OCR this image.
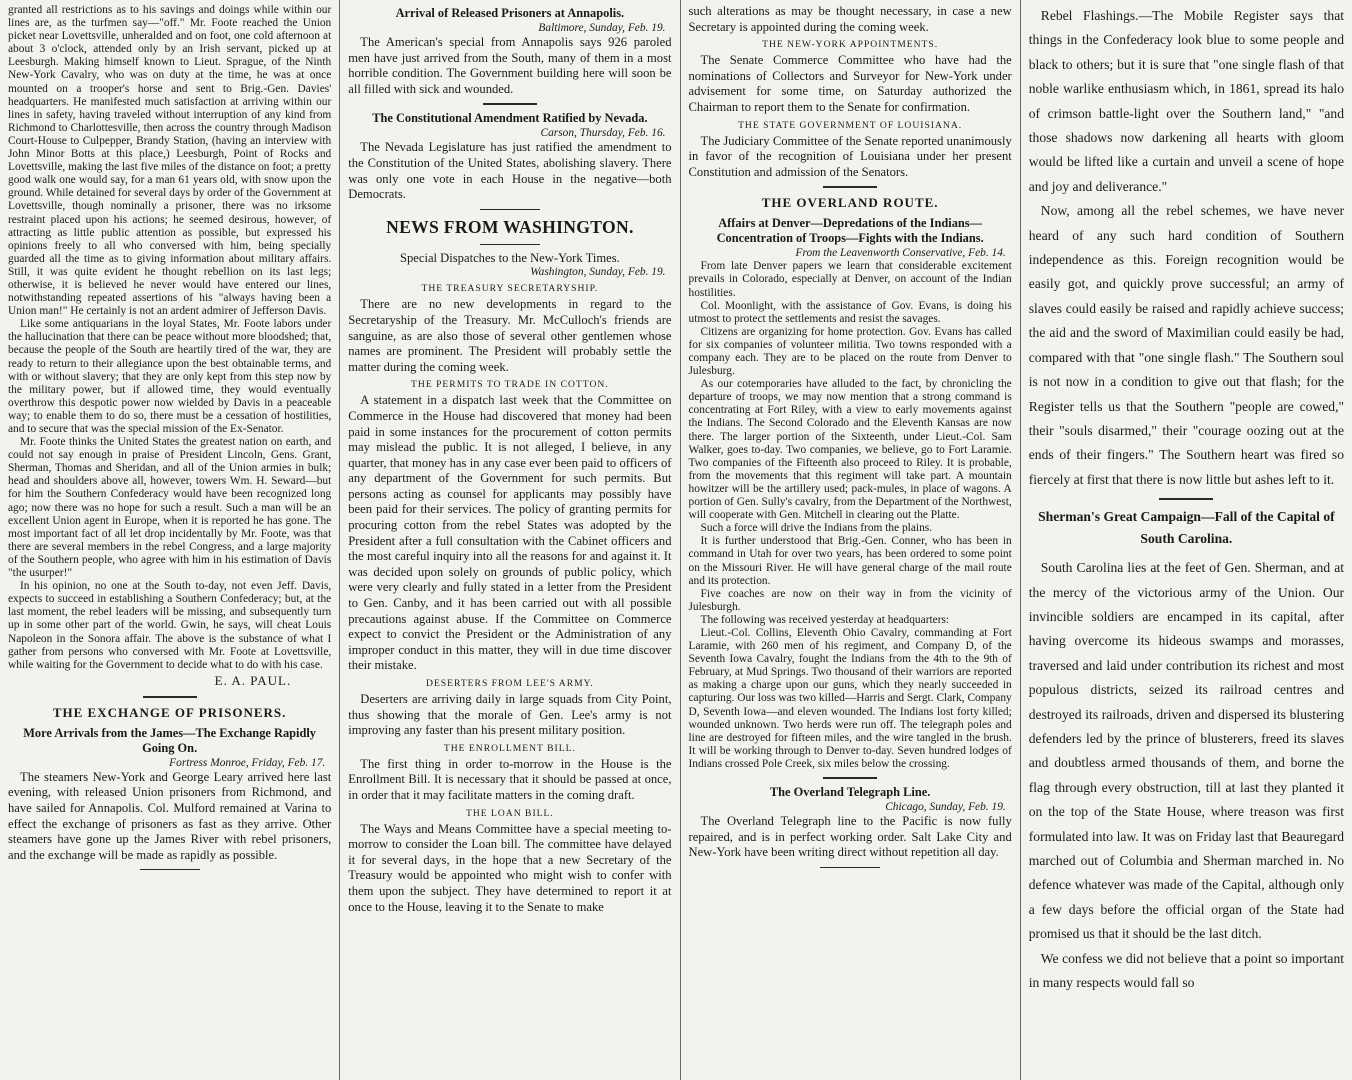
granted all restrictions as to his savings and doings while within our lines are, as the turfmen say—"off." Mr. Foote reached the Union picket near Lovettsville, unheralded and on foot, one cold afternoon at about 3 o'clock, attended only by an Irish servant, picked up at Leesburgh. Making himself known to Lieut. Sprague, of the Ninth New-York Cavalry, who was on duty at the time, he was at once mounted on a trooper's horse and sent to Brig.-Gen. Davies' headquarters. He manifested much satisfaction at arriving within our lines in safety, having traveled without interruption of any kind from Richmond to Charlottesville, then across the country through Madison Court-House to Culpepper, Brandy Station, (having an interview with John Minor Botts at this place,) Leesburgh, Point of Rocks and Lovettsville, making the last five miles of the distance on foot; a pretty good walk one would say, for a man 61 years old, with snow upon the ground. While detained for several days by order of the Government at Lovettsville, though nominally a prisoner, there was no irksome restraint placed upon his actions; he seemed desirous, however, of attracting as little public attention as possible, but expressed his opinions freely to all who conversed with him, being specially guarded all the time as to giving information about military affairs. Still, it was quite evident he thought rebellion on its last legs; otherwise, it is believed he never would have entered our lines, notwithstanding repeated assertions of his "always having been a Union man!" He certainly is not an ardent admirer of Jefferson Davis.

Like some antiquarians in the loyal States, Mr. Foote labors under the hallucination that there can be peace without more bloodshed; that, because the people of the South are heartily tired of the war, they are ready to return to their allegiance upon the best obtainable terms, and with or without slavery; that they are only kept from this step now by the military power, but if allowed time, they would eventually overthrow this despotic power now wielded by Davis in a peaceable way; to enable them to do so, there must be a cessation of hostilities, and to secure that was the special mission of the Ex-Senator.

Mr. Foote thinks the United States the greatest nation on earth, and could not say enough in praise of President Lincoln, Gens. Grant, Sherman, Thomas and Sheridan, and all of the Union armies in bulk; head and shoulders above all, however, towers Wm. H. Seward—but for him the Southern Confederacy would have been recognized long ago; now there was no hope for such a result. Such a man will be an excellent Union agent in Europe, when it is reported he has gone. The most important fact of all let drop incidentally by Mr. Foote, was that there are several members in the rebel Congress, and a large majority of the Southern people, who agree with him in his estimation of Davis "the usurper!"

In his opinion, no one at the South to-day, not even Jeff. Davis, expects to succeed in establishing a Southern Confederacy; but, at the last moment, the rebel leaders will be missing, and subsequently turn up in some other part of the world. Gwin, he says, will cheat Louis Napoleon in the Sonora affair. The above is the substance of what I gather from persons who conversed with Mr. Foote at Lovettsville, while waiting for the Government to decide what to do with his case.

E. A. PAUL.
THE EXCHANGE OF PRISONERS.
More Arrivals from the James—The Exchange Rapidly Going On.
Fortress Monroe, Friday, Feb. 17.

The steamers New-York and George Leary arrived here last evening, with released Union prisoners from Richmond, and have sailed for Annapolis. Col. Mulford remained at Varina to effect the exchange of prisoners as fast as they arrive. Other steamers have gone up the James River with rebel prisoners, and the exchange will be made as rapidly as possible.

Arrival of Released Prisoners at Annapolis.
Baltimore, Sunday, Feb. 19.

The American's special from Annapolis says 926 paroled men have just arrived from the South, many of them in a most horrible condition. The Government building here will soon be all filled with sick and wounded.

The Constitutional Amendment Ratified by Nevada.
Carson, Thursday, Feb. 16.

The Nevada Legislature has just ratified the amendment to the Constitution of the United States, abolishing slavery. There was only one vote in each House in the negative—both Democrats.

NEWS FROM WASHINGTON.

Special Dispatches to the New-York Times.

Washington, Sunday, Feb. 19.
THE TREASURY SECRETARYSHIP.

There are no new developments in regard to the Secretaryship of the Treasury. Mr. McCulloch's friends are sanguine, as are also those of several other gentlemen whose names are prominent. The President will probably settle the matter during the coming week.

THE PERMITS TO TRADE IN COTTON.

A statement in a dispatch last week that the Committee on Commerce in the House had discovered that money had been paid in some instances for the procurement of cotton permits may mislead the public. It is not alleged, I believe, in any quarter, that money has in any case ever been paid to officers of any department of the Government for such permits. But persons acting as counsel for applicants may possibly have been paid for their services. The policy of granting permits for procuring cotton from the rebel States was adopted by the President after a full consultation with the Cabinet officers and the most careful inquiry into all the reasons for and against it. It was decided upon solely on grounds of public policy, which were very clearly and fully stated in a letter from the President to Gen. Canby, and it has been carried out with all possible precautions against abuse. If the Committee on Commerce expect to convict the President or the Administration of any improper conduct in this matter, they will in due time discover their mistake.

DESERTERS FROM LEE'S ARMY.

Deserters are arriving daily in large squads from City Point, thus showing that the morale of Gen. Lee's army is not improving any faster than his present military position.

THE ENROLLMENT BILL.

The first thing in order to-morrow in the House is the Enrollment Bill. It is necessary that it should be passed at once, in order that it may facilitate matters in the coming draft.

THE LOAN BILL.

The Ways and Means Committee have a special meeting to-morrow to consider the Loan bill. The committee have delayed it for several days, in the hope that a new Secretary of the Treasury would be appointed who might wish to confer with them upon the subject. They have determined to report it at once to the House, leaving it to the Senate to make

such alterations as may be thought necessary, in case a new Secretary is appointed during the coming week.

THE NEW-YORK APPOINTMENTS.

The Senate Commerce Committee who have had the nominations of Collectors and Surveyor for New-York under advisement for some time, on Saturday authorized the Chairman to report them to the Senate for confirmation.

THE STATE GOVERNMENT OF LOUISIANA.

The Judiciary Committee of the Senate reported unanimously in favor of the recognition of Louisiana under her present Constitution and admission of the Senators.

THE OVERLAND ROUTE.
Affairs at Denver—Depredations of the Indians—Concentration of Troops—Fights with the Indians.
From the Leavenworth Conservative, Feb. 14.

From late Denver papers we learn that considerable excitement prevails in Colorado, especially at Denver, on account of the Indian hostilities.

Col. Moonlight, with the assistance of Gov. Evans, is doing his utmost to protect the settlements and resist the savages.

Citizens are organizing for home protection. Gov. Evans has called for six companies of volunteer militia. Two towns responded with a company each. They are to be placed on the route from Denver to Julesburg.

As our cotemporaries have alluded to the fact, by chronicling the departure of troops, we may now mention that a strong command is concentrating at Fort Riley, with a view to early movements against the Indians. The Second Colorado and the Eleventh Kansas are now there. The larger portion of the Sixteenth, under Lieut.-Col. Sam Walker, goes to-day. Two companies, we believe, go to Fort Laramie. Two companies of the Fifteenth also proceed to Riley. It is probable, from the movements that this regiment will take part. A mountain howitzer will be the artillery used; pack-mules, in place of wagons. A portion of Gen. Sully's cavalry, from the Department of the Northwest, will cooperate with Gen. Mitchell in clearing out the Platte.

Such a force will drive the Indians from the plains.

It is further understood that Brig.-Gen. Conner, who has been in command in Utah for over two years, has been ordered to some point on the Missouri River. He will have general charge of the mail route and its protection.

Five coaches are now on their way in from the vicinity of Julesburgh.

The following was received yesterday at headquarters:

Lieut.-Col. Collins, Eleventh Ohio Cavalry, commanding at Fort Laramie, with 260 men of his regiment, and Company D, of the Seventh Iowa Cavalry, fought the Indians from the 4th to the 9th of February, at Mud Springs. Two thousand of their warriors are reported as making a charge upon our guns, which they nearly succeeded in capturing. Our loss was two killed—Harris and Sergt. Clark, Company D, Seventh Iowa—and eleven wounded. The Indians lost forty killed; wounded unknown. Two herds were run off. The telegraph poles and line are destroyed for fifteen miles, and the wire tangled in the brush. It will be working through to Denver to-day. Seven hundred lodges of Indians crossed Pole Creek, six miles below the crossing.

The Overland Telegraph Line.
Chicago, Sunday, Feb. 19.

The Overland Telegraph line to the Pacific is now fully repaired, and is in perfect working order. Salt Lake City and New-York have been writing direct without repetition all day.

Rebel Flashings.—The Mobile Register says that things in the Confederacy look blue to some people and black to others; but it is sure that "one single flash of that noble warlike enthusiasm which, in 1861, spread its halo of crimson battle-light over the Southern land," "and those shadows now darkening all hearts with gloom would be lifted like a curtain and unveil a scene of hope and joy and deliverance."

Now, among all the rebel schemes, we have never heard of any such hard condition of Southern independence as this. Foreign recognition would be easily got, and quickly prove successful; an army of slaves could easily be raised and rapidly achieve success; the aid and the sword of Maximilian could easily be had, compared with that "one single flash." The Southern soul is not now in a condition to give out that flash; for the Register tells us that the Southern "people are cowed," their "souls disarmed," their "courage oozing out at the ends of their fingers." The Southern heart was fired so fiercely at first that there is now little but ashes left to it.

Sherman's Great Campaign—Fall of the Capital of South Carolina.

South Carolina lies at the feet of Gen. Sherman, and at the mercy of the victorious army of the Union. Our invincible soldiers are encamped in its capital, after having overcome its hideous swamps and morasses, traversed and laid under contribution its richest and most populous districts, seized its railroad centres and destroyed its railroads, driven and dispersed its blustering defenders led by the prince of blusterers, freed its slaves and doubtless armed thousands of them, and borne the flag through every obstruction, till at last they planted it on the top of the State House, where treason was first formulated into law. It was on Friday last that Beauregard marched out of Columbia and Sherman marched in. No defence whatever was made of the Capital, although only a few days before the official organ of the State had promised us that it should be the last ditch.

We confess we did not believe that a point so important in many respects would fall so
